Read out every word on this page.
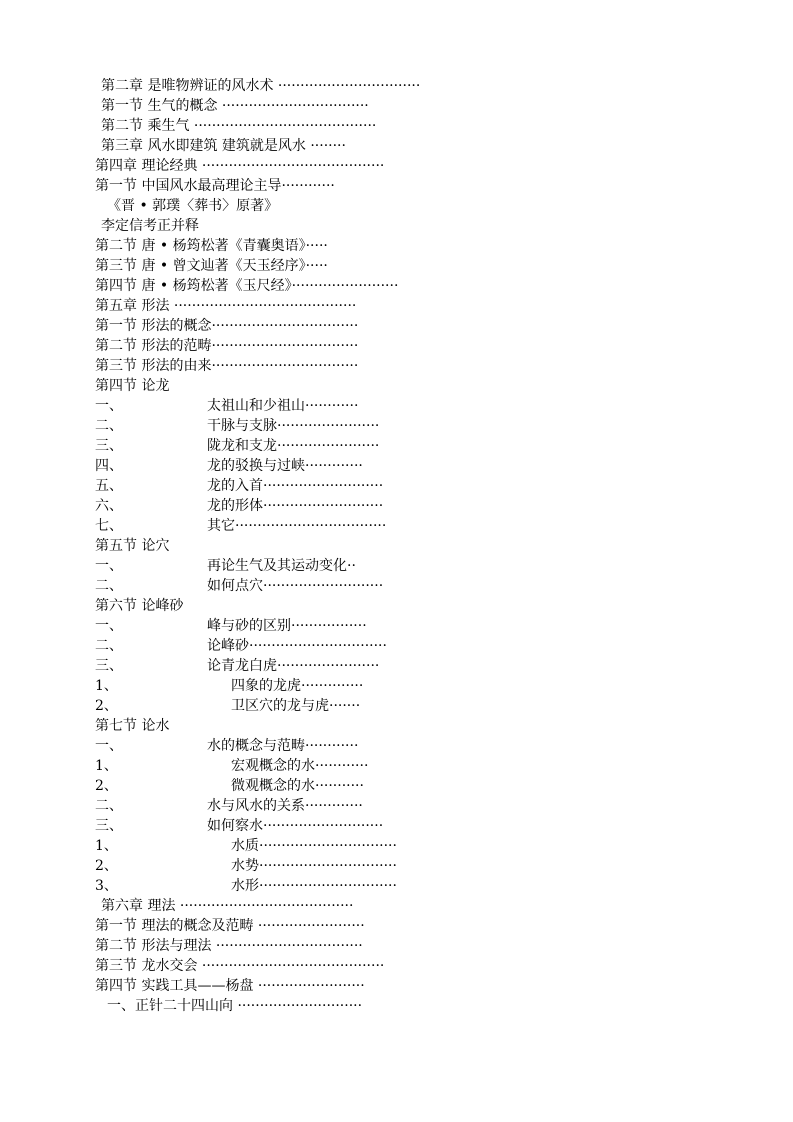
第二章 是唯物辨证的风水术 ································
第一节 生气的概念 ·································
第二节 乘生气 ·········································
第三章 风水即建筑 建筑就是风水 ········
第四章 理论经典 ·········································
第一节 中国风水最高理论主导············
《晋 • 郭璞〈葬书〉原著》
李定信考正并释
第二节 唐 • 杨筠松著《青囊奥语》·····
第三节 唐 • 曾文辿著《天玉经序》·····
第四节 唐 • 杨筠松著《玉尺经》························
第五章 形法 ·········································
第一节 形法的概念·································
第二节 形法的范畴·································
第三节 形法的由来·································
第四节 论龙
一、	太祖山和少祖山············
二、	干脉与支脉·······················
三、	陇龙和支龙·······················
四、	龙的驳换与过峡·············
五、	龙的入首···························
六、	龙的形体···························
七、	其它··································
第五节 论穴
一、	再论生气及其运动变化··
二、	如何点穴···························
第六节 论峰砂
一、	峰与砂的区别·················
二、	论峰砂·······························
三、	论青龙白虎·······················
1、	四象的龙虎··············
2、	卫区穴的龙与虎·······
第七节 论水
一、	水的概念与范畴············
1、	宏观概念的水············
2、	微观概念的水···········
二、	水与风水的关系·············
三、	如何察水···························
1、	水质·······························
2、	水势·······························
3、	水形·······························
第六章 理法 ·······································
第一节 理法的概念及范畴 ························
第二节 形法与理法 ·································
第三节 龙水交会 ·········································
第四节 实践工具——杨盘 ························
一、正针二十四山向 ····························
